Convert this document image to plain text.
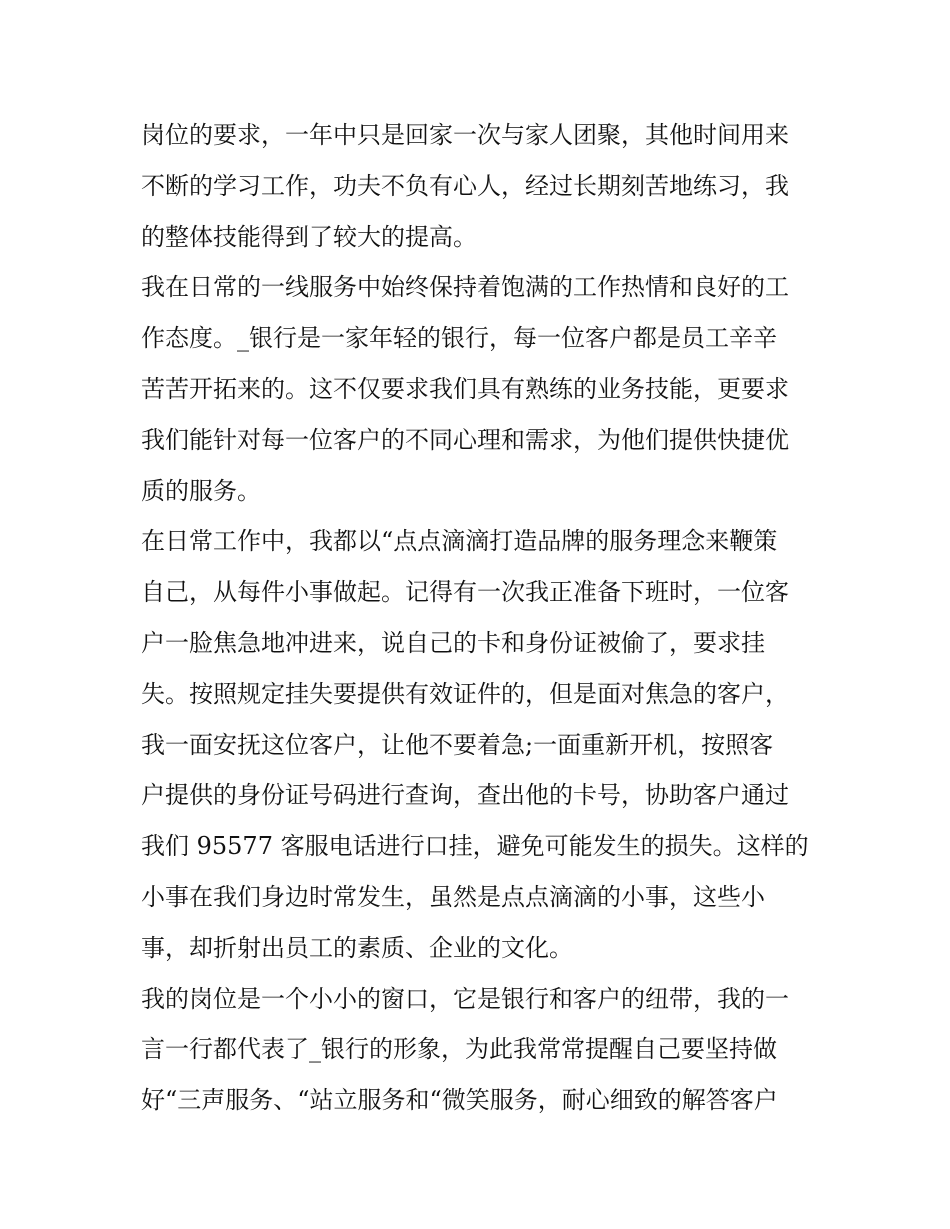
岗位的要求，一年中只是回家一次与家人团聚，其他时间用来
不断的学习工作，功夫不负有心人，经过长期刻苦地练习，我
的整体技能得到了较大的提高。
我在日常的一线服务中始终保持着饱满的工作热情和良好的工
作态度。_银行是一家年轻的银行，每一位客户都是员工辛辛
苦苦开拓来的。这不仅要求我们具有熟练的业务技能，更要求
我们能针对每一位客户的不同心理和需求，为他们提供快捷优
质的服务。
在日常工作中，我都以“点点滴滴打造品牌的服务理念来鞭策
自己，从每件小事做起。记得有一次我正准备下班时，一位客
户一脸焦急地冲进来，说自己的卡和身份证被偷了，要求挂
失。按照规定挂失要提供有效证件的，但是面对焦急的客户，
我一面安抚这位客户，让他不要着急;一面重新开机，按照客
户提供的身份证号码进行查询，查出他的卡号，协助客户通过
我们 95577 客服电话进行口挂，避免可能发生的损失。这样的
小事在我们身边时常发生，虽然是点点滴滴的小事，这些小
事，却折射出员工的素质、企业的文化。
我的岗位是一个小小的窗口，它是银行和客户的纽带，我的一
言一行都代表了_银行的形象，为此我常常提醒自己要坚持做
好“三声服务、“站立服务和“微笑服务，耐心细致的解答客户
